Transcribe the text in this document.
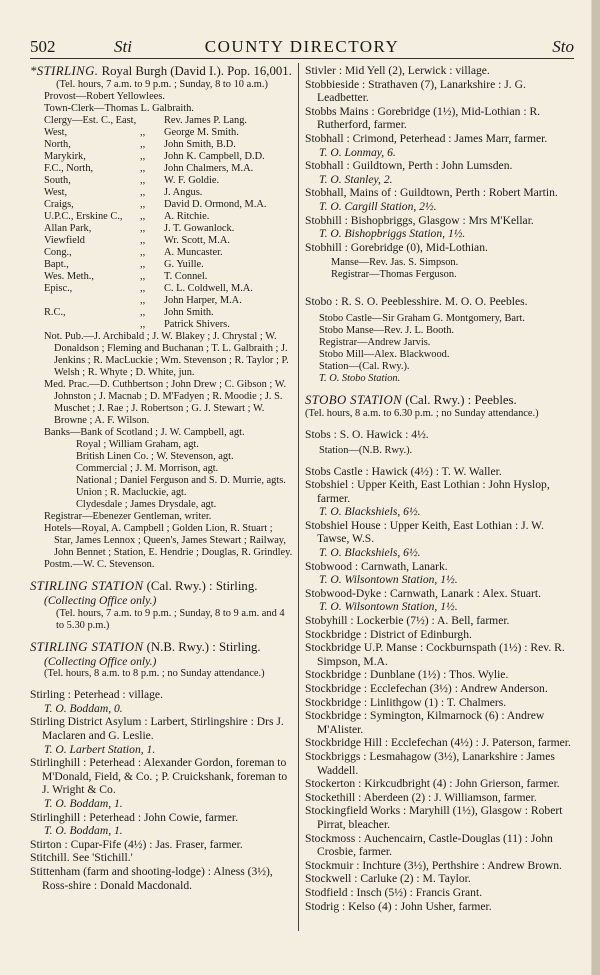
502	Sti	COUNTY DIRECTORY	Sto

*STIRLING. Royal Burgh (David I.). Pop. 16,001.

(Tel. hours, 7 a.m. to 9 p.m. ; Sunday, 8 to 10 a.m.)

Provost—Robert Yellowlees.

Town-Clerk—Thomas L. Galbraith.

Clergy—Est. C., East,	Rev. James P. Lang.
West,	,,	George M. Smith.
North,	,,	John Smith, B.D.
Marykirk,	,,	John K. Campbell, D.D.
F.C., North,	,,	John Chalmers, M.A.
South,	,,	W. F. Goldie.
West,	,,	J. Angus.
Craigs,	,,	David D. Ormond, M.A.
U.P.C., Erskine C.,	,,	A. Ritchie.
Allan Park,	,,	J. T. Gowanlock.
Viewfield	,,	Wr. Scott, M.A.
Cong.,	,,	A. Muncaster.
Bapt.,	,,	G. Yuille.
Wes. Meth.,	,,	T. Connel.
Episc.,	,,	C. L. Coldwell, M.A.
,,	John Harper, M.A.
R.C.,	,,	John Smith.
,,	Patrick Shivers.

Not. Pub.—J. Archibald ; J. W. Blakey ; J. Chrystal ; W. Donaldson ; Fleming and Buchanan ; T. L. Galbraith ; J. Jenkins ; R. MacLuckie ; Wm. Stevenson ; R. Taylor ; P. Welsh ; R. Whyte ; D. White, jun.

Med. Prac.—D. Cuthbertson ; John Drew ; C. Gibson ; W. Johnston ; J. Macnab ; D. M'Fadyen ; R. Moodie ; J. S. Muschet ; J. Rae ; J. Robertson ; G. J. Stewart ; W. Browne ; A. F. Wilson.

Banks—Bank of Scotland ; J. W. Campbell, agt.

Royal ; William Graham, agt.

British Linen Co. ; W. Stevenson, agt.

Commercial ; J. M. Morrison, agt.

National ; Daniel Ferguson and S. D. Murrie, agts.

Union ; R. Macluckie, agt.

Clydesdale ; James Drysdale, agt.

Registrar—Ebenezer Gentleman, writer.

Hotels—Royal, A. Campbell ; Golden Lion, R. Stuart ; Star, James Lennox ; Queen's, James Stewart ; Railway, John Bennet ; Station, E. Hendrie ; Douglas, R. Grindley.

Postm.—W. C. Stevenson.

STIRLING STATION (Cal. Rwy.) : Stirling.

(Collecting Office only.)

(Tel. hours, 7 a.m. to 9 p.m. ; Sunday, 8 to 9 a.m. and 4 to 5.30 p.m.)

STIRLING STATION (N.B. Rwy.) : Stirling.

(Collecting Office only.)

(Tel. hours, 8 a.m. to 8 p.m. ; no Sunday attendance.)

Stirling : Peterhead : village.

T. O. Boddam, 0.

Stirling District Asylum : Larbert, Stirlingshire : Drs J. Maclaren and G. Leslie.

T. O. Larbert Station, 1.

Stirlinghill : Peterhead : Alexander Gordon, foreman to M'Donald, Field, & Co. ; P. Cruickshank, foreman to J. Wright & Co.

T. O. Boddam, 1.

Stirlinghill : Peterhead : John Cowie, farmer.

T. O. Boddam, 1.

Stirton : Cupar-Fife (4½) : Jas. Fraser, farmer.

Stitchill. See 'Stichill.'

Stittenham (farm and shooting-lodge) : Alness (3½), Ross-shire : Donald Macdonald.

Stivler : Mid Yell (2), Lerwick : village.

Stobbieside : Strathaven (7), Lanarkshire : J. G. Leadbetter.

Stobbs Mains : Gorebridge (1½), Mid-Lothian : R. Rutherford, farmer.

Stobhall : Crimond, Peterhead : James Marr, farmer.

T. O. Lonmay, 6.

Stobhall : Guildtown, Perth : John Lumsden.

T. O. Stanley, 2.

Stobhall, Mains of : Guildtown, Perth : Robert Martin.

T. O. Cargill Station, 2½.

Stobhill : Bishopbriggs, Glasgow : Mrs M'Kellar.

T. O. Bishopbriggs Station, 1½.

Stobhill : Gorebridge (0), Mid-Lothian.

Manse—Rev. Jas. S. Simpson.

Registrar—Thomas Ferguson.

Stobo : R. S. O. Peeblesshire. M. O. O. Peebles.

Stobo Castle—Sir Graham G. Montgomery, Bart.

Stobo Manse—Rev. J. L. Booth.

Registrar—Andrew Jarvis.

Stobo Mill—Alex. Blackwood.

Station—(Cal. Rwy.).

T. O. Stobo Station.

STOBO STATION (Cal. Rwy.) : Peebles.

(Tel. hours, 8 a.m. to 6.30 p.m. ; no Sunday attendance.)

Stobs : S. O. Hawick : 4½.

Station—(N.B. Rwy.).

Stobs Castle : Hawick (4½) : T. W. Waller.

Stobshiel : Upper Keith, East Lothian : John Hyslop, farmer.

T. O. Blackshiels, 6½.

Stobshiel House : Upper Keith, East Lothian : J. W. Tawse, W.S.

T. O. Blackshiels, 6½.

Stobwood : Carnwath, Lanark.

T. O. Wilsontown Station, 1½.

Stobwood-Dyke : Carnwath, Lanark : Alex. Stuart.

T. O. Wilsontown Station, 1½.

Stobyhill : Lockerbie (7½) : A. Bell, farmer.

Stockbridge : District of Edinburgh.

Stockbridge U.P. Manse : Cockburnspath (1½) : Rev. R. Simpson, M.A.

Stockbridge : Dunblane (1½) : Thos. Wylie.

Stockbridge : Ecclefechan (3½) : Andrew Anderson.

Stockbridge : Linlithgow (1) : T. Chalmers.

Stockbridge : Symington, Kilmarnock (6) : Andrew M'Alister.

Stockbridge Hill : Ecclefechan (4½) : J. Paterson, farmer.

Stockbriggs : Lesmahagow (3½), Lanarkshire : James Waddell.

Stockerton : Kirkcudbright (4) : John Grierson, farmer.

Stockethill : Aberdeen (2) : J. Williamson, farmer.

Stockingfield Works : Maryhill (1½), Glasgow : Robert Pirrat, bleacher.

Stockmoss : Auchencairn, Castle-Douglas (11) : John Crosbie, farmer.

Stockmuir : Inchture (3½), Perthshire : Andrew Brown.

Stockwell : Carluke (2) : M. Taylor.

Stodfield : Insch (5½) : Francis Grant.

Stodrig : Kelso (4) : John Usher, farmer.
